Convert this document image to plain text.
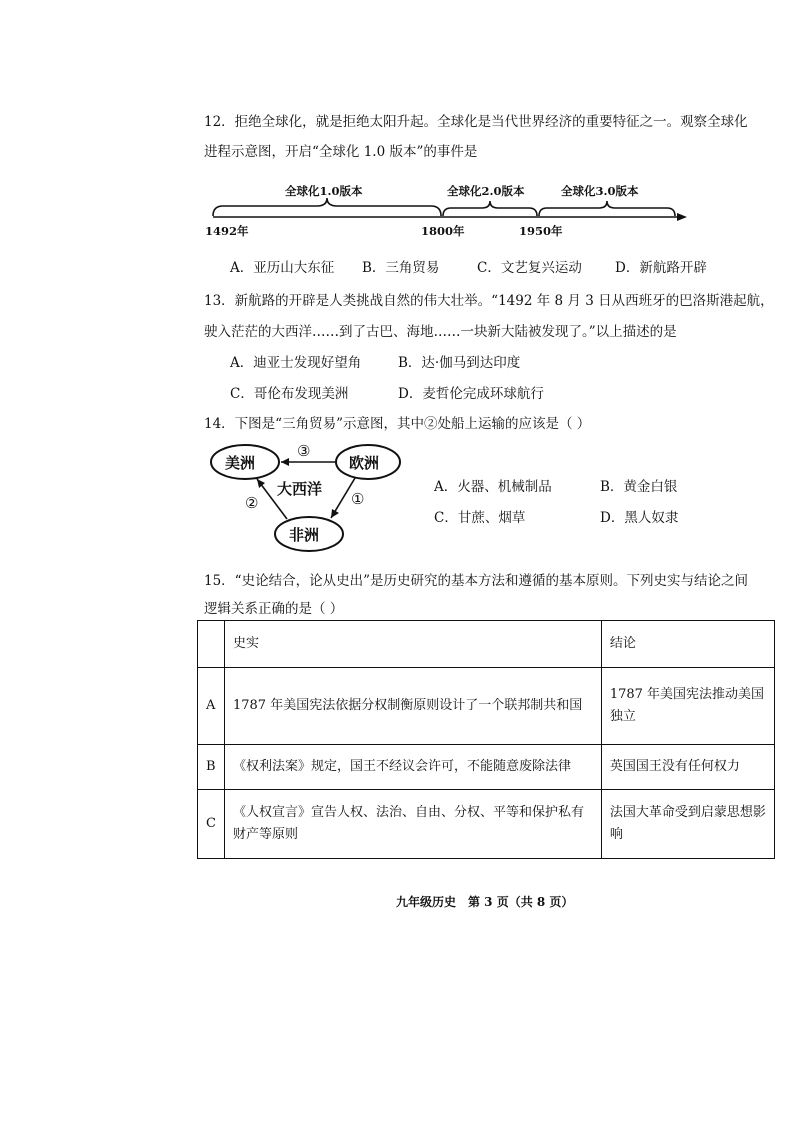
12．拒绝全球化，就是拒绝太阳升起。全球化是当代世界经济的重要特征之一。观察全球化
进程示意图，开启“全球化 1.0 版本”的事件是
全球化1.0版本	全球化2.0版本	全球化3.0版本
1492年	1800年	1950年
A．亚历山大东征 B．三角贸易	C．文艺复兴运动 D．新航路开辟
13．新航路的开辟是人类挑战自然的伟大壮举。“1492 年 8 月 3 日从西班牙的巴洛斯港起航，
驶入茫茫的大西洋……到了古巴、海地……一块新大陆被发现了。”以上描述的是
A．迪亚士发现好望角	B．达·伽马到达印度
C．哥伦布发现美洲	D．麦哲伦完成环球航行
14．下图是“三角贸易”示意图，其中②处船上运输的应该是（ ）
美洲	欧洲
非洲
大西洋
③
②	①
A．火器、机械制品	B．黄金白银
C．甘蔗、烟草	D．黑人奴隶
15．“史论结合，论从史出”是历史研究的基本方法和遵循的基本原则。下列史实与结论之间
逻辑关系正确的是（ ）
	史实	结论
A	1787 年美国宪法依据分权制衡原则设计了一个联邦制共和国	1787 年美国宪法推动美国独立
B	《权利法案》规定，国王不经议会许可，不能随意废除法律	英国国王没有任何权力
C	《人权宣言》宣告人权、法治、自由、分权、平等和保护私有财产等原则	法国大革命受到启蒙思想影响
九年级历史　第 3 页（共 8 页）
